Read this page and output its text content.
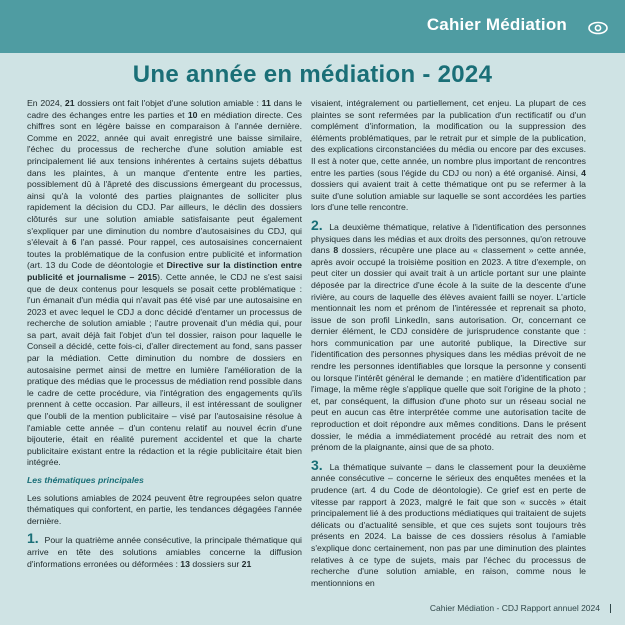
Cahier Médiation
Une année en médiation - 2024

En 2024, 21 dossiers ont fait l'objet d'une solution amiable : 11 dans le cadre des échanges entre les parties et 10 en médiation directe. Ces chiffres sont en légère baisse en comparaison à l'année dernière. Comme en 2022, année qui avait enregistré une baisse similaire, l'échec du processus de recherche d'une solution amiable est principalement lié aux tensions inhérentes à certains sujets débattus dans les plaintes, à un manque d'entente entre les parties, possiblement dû à l'âpreté des discussions émergeant du processus, ainsi qu'à la volonté des parties plaignantes de solliciter plus rapidement la décision du CDJ. Par ailleurs, le déclin des dossiers clôturés sur une solution amiable satisfaisante peut également s'expliquer par une diminution du nombre d'autosaisines du CDJ, qui s'élevait à 6 l'an passé. Pour rappel, ces autosaisines concernaient toutes la problématique de la confusion entre publicité et information (art. 13 du Code de déontologie et Directive sur la distinction entre publicité et journalisme – 2015). Cette année, le CDJ ne s'est saisi que de deux contenus pour lesquels se posait cette problématique : l'un émanait d'un média qui n'avait pas été visé par une autosaisine en 2023 et avec lequel le CDJ a donc décidé d'entamer un processus de recherche de solution amiable ; l'autre provenait d'un média qui, pour sa part, avait déjà fait l'objet d'un tel dossier, raison pour laquelle le Conseil a décidé, cette fois-ci, d'aller directement au fond, sans passer par la médiation. Cette diminution du nombre de dossiers en autosaisine permet ainsi de mettre en lumière l'amélioration de la pratique des médias que le processus de médiation rend possible dans le cadre de cette procédure, via l'intégration des engagements qu'ils prennent à cette occasion. Par ailleurs, il est intéressant de souligner que l'oubli de la mention publicitaire – visé par l'autosaisine résolue à l'amiable cette année – d'un contenu relatif au nouvel écrin d'une bijouterie, était en réalité purement accidentel et que la charte publicitaire existant entre la rédaction et la régie publicitaire était bien intégrée.

Les thématiques principales

Les solutions amiables de 2024 peuvent être regroupées selon quatre thématiques qui confortent, en partie, les tendances dégagées l'année dernière.

1. Pour la quatrième année consécutive, la principale thématique qui arrive en tête des solutions amiables concerne la diffusion d'informations erronées ou déformées : 13 dossiers sur 21

visaient, intégralement ou partiellement, cet enjeu. La plupart de ces plaintes se sont refermées par la publication d'un rectificatif ou d'un complément d'information, la modification ou la suppression des éléments problématiques, par le retrait pur et simple de la publication, des explications circonstanciées du média ou encore par des excuses. Il est à noter que, cette année, un nombre plus important de rencontres entre les parties (sous l'égide du CDJ ou non) a été organisé. Ainsi, 4 dossiers qui avaient trait à cette thématique ont pu se refermer à la suite d'une solution amiable sur laquelle se sont accordées les parties lors d'une telle rencontre.

2. La deuxième thématique, relative à l'identification des personnes physiques dans les médias et aux droits des personnes, qu'on retrouve dans 8 dossiers, récupère une place au « classement » cette année, après avoir occupé la troisième position en 2023. A titre d'exemple, on peut citer un dossier qui avait trait à un article portant sur une plainte déposée par la directrice d'une école à la suite de la descente d'une rivière, au cours de laquelle des élèves avaient failli se noyer. L'article mentionnait les nom et prénom de l'intéressée et reprenait sa photo, issue de son profil LinkedIn, sans autorisation. Or, concernant ce dernier élément, le CDJ considère de jurisprudence constante que : hors communication par une autorité publique, la Directive sur l'identification des personnes physiques dans les médias prévoit de ne rendre les personnes identifiables que lorsque la personne y consenti ou lorsque l'intérêt général le demande ; en matière d'identification par l'image, la même règle s'applique quelle que soit l'origine de la photo ; et, par conséquent, la diffusion d'une photo sur un réseau social ne peut en aucun cas être interprétée comme une autorisation tacite de reproduction et doit répondre aux mêmes conditions. Dans le présent dossier, le média a immédiatement procédé au retrait des nom et prénom de la plaignante, ainsi que de sa photo.

3. La thématique suivante – dans le classement pour la deuxième année consécutive – concerne le sérieux des enquêtes menées et la prudence (art. 4 du Code de déontologie). Ce grief est en perte de vitesse par rapport à 2023, malgré le fait que son « succès » était principalement lié à des productions médiatiques qui traitaient de sujets délicats ou d'actualité sensible, et que ces sujets sont toujours très présents en 2024. La baisse de ces dossiers résolus à l'amiable s'explique donc certainement, non pas par une diminution des plaintes relatives à ce type de sujets, mais par l'échec du processus de recherche d'une solution amiable, en raison, comme nous le mentionnions en

Cahier Médiation - CDJ Rapport annuel 2024
